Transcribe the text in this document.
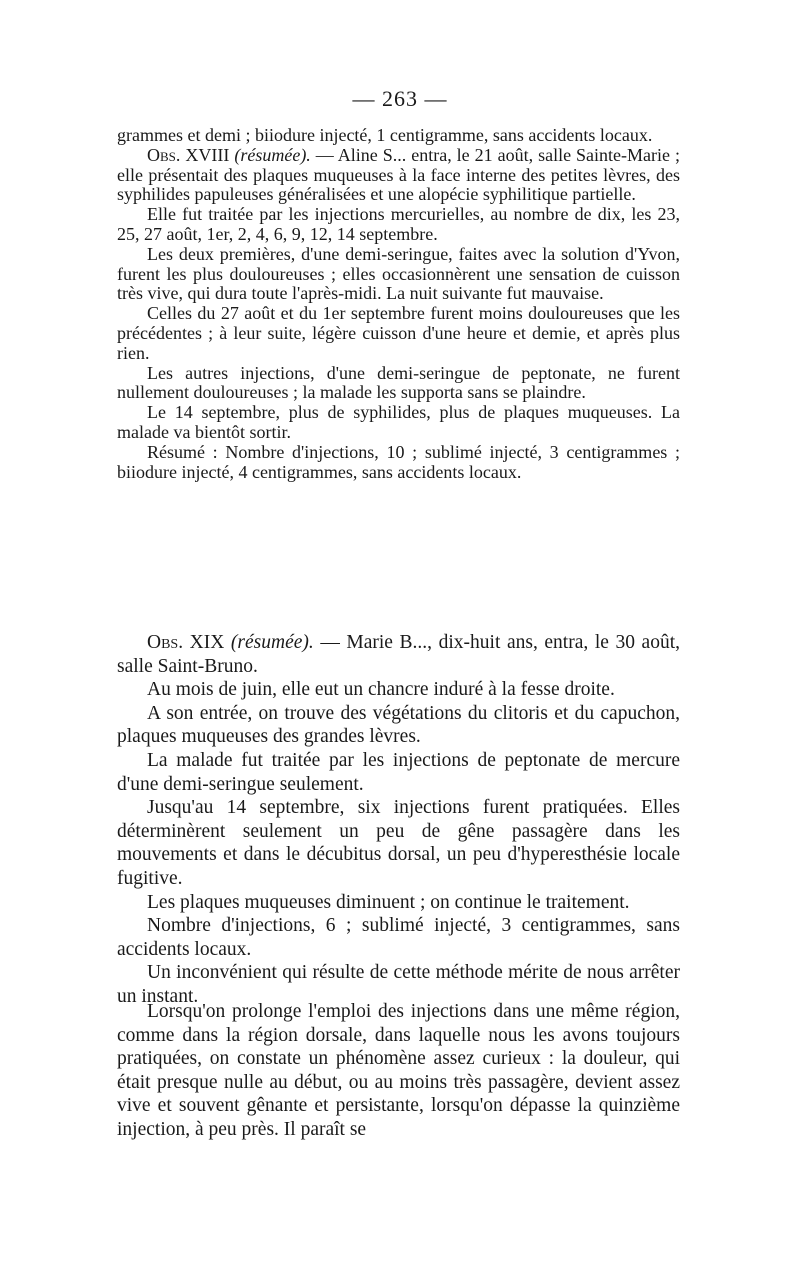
— 263 —

grammes et demi ; biiodure injecté, 1 centigramme, sans accidents locaux.

Obs. XVIII (résumée). — Aline S... entra, le 21 août, salle Sainte-Marie ; elle présentait des plaques muqueuses à la face interne des petites lèvres, des syphilides papuleuses généralisées et une alopécie syphilitique partielle.

Elle fut traitée par les injections mercurielles, au nombre de dix, les 23, 25, 27 août, 1er, 2, 4, 6, 9, 12, 14 septembre.

Les deux premières, d'une demi-seringue, faites avec la solution d'Yvon, furent les plus douloureuses ; elles occasionnèrent une sensation de cuisson très vive, qui dura toute l'après-midi. La nuit suivante fut mauvaise.

Celles du 27 août et du 1er septembre furent moins douloureuses que les précédentes ; à leur suite, légère cuisson d'une heure et demie, et après plus rien.

Les autres injections, d'une demi-seringue de peptonate, ne furent nullement douloureuses ; la malade les supporta sans se plaindre.

Le 14 septembre, plus de syphilides, plus de plaques muqueuses. La malade va bientôt sortir.

Résumé : Nombre d'injections, 10 ; sublimé injecté, 3 centigrammes ; biiodure injecté, 4 centigrammes, sans accidents locaux.

Obs. XIX (résumée). — Marie B..., dix-huit ans, entra, le 30 août, salle Saint-Bruno.

Au mois de juin, elle eut un chancre induré à la fesse droite.

A son entrée, on trouve des végétations du clitoris et du capuchon, plaques muqueuses des grandes lèvres.

La malade fut traitée par les injections de peptonate de mercure d'une demi-seringue seulement.

Jusqu'au 14 septembre, six injections furent pratiquées. Elles déterminèrent seulement un peu de gêne passagère dans les mouvements et dans le décubitus dorsal, un peu d'hyperesthésie locale fugitive.

Les plaques muqueuses diminuent ; on continue le traitement.

Nombre d'injections, 6 ; sublimé injecté, 3 centigrammes, sans accidents locaux.

Un inconvénient qui résulte de cette méthode mérite de nous arrêter un instant.

Lorsqu'on prolonge l'emploi des injections dans une même région, comme dans la région dorsale, dans laquelle nous les avons toujours pratiquées, on constate un phénomène assez curieux : la douleur, qui était presque nulle au début, ou au moins très passagère, devient assez vive et souvent gênante et persistante, lorsqu'on dépasse la quinzième injection, à peu près. Il paraît se
